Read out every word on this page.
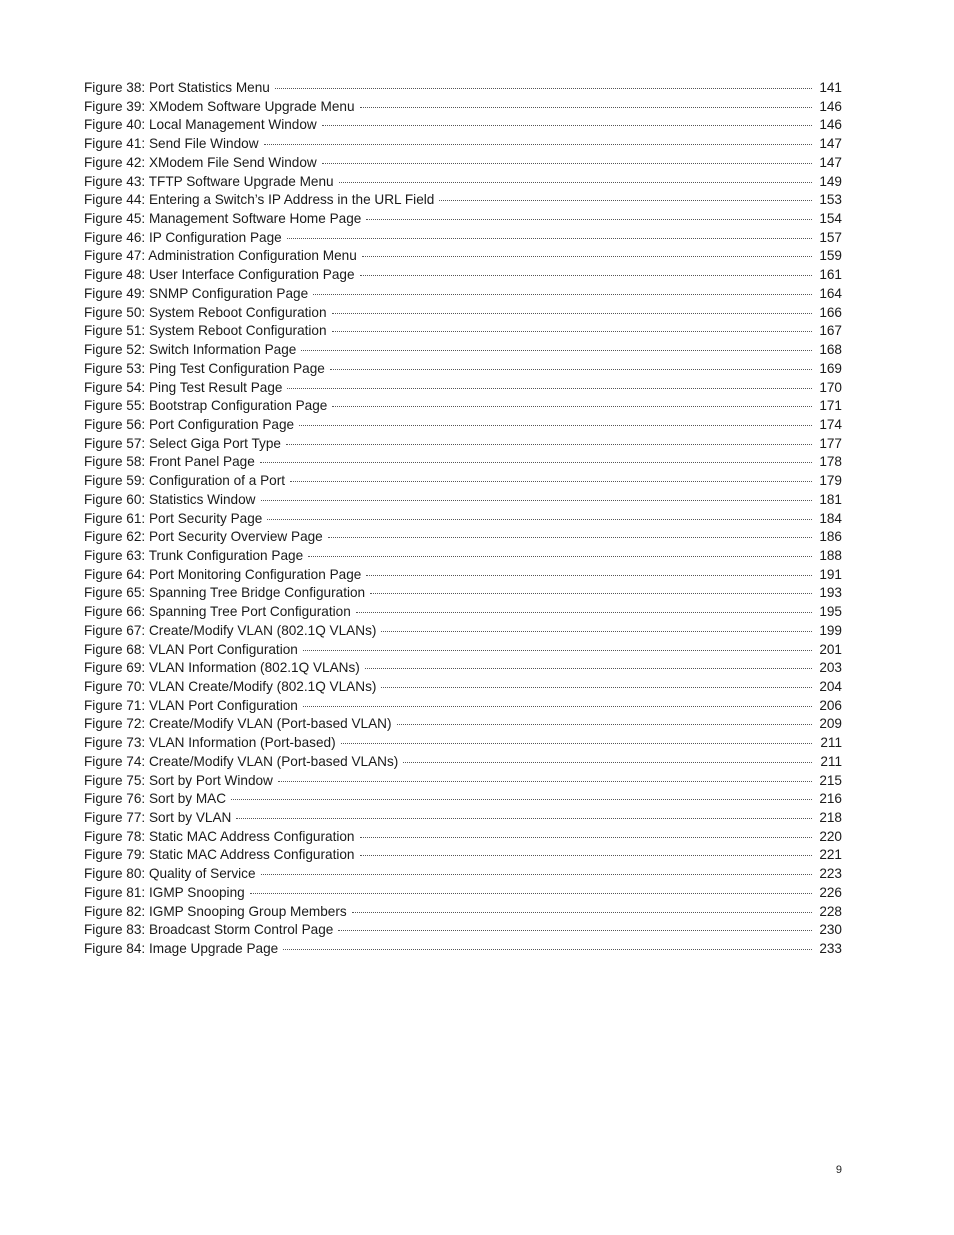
Figure 38: Port Statistics Menu	141
Figure 39: XModem Software Upgrade Menu	146
Figure 40: Local Management Window	146
Figure 41: Send File Window	147
Figure 42: XModem File Send Window	147
Figure 43: TFTP Software Upgrade Menu	149
Figure 44: Entering a Switch’s IP Address in the URL Field	153
Figure 45: Management Software Home Page	154
Figure 46: IP Configuration Page	157
Figure 47: Administration Configuration Menu	159
Figure 48: User Interface Configuration Page	161
Figure 49: SNMP Configuration Page	164
Figure 50: System Reboot Configuration	166
Figure 51: System Reboot Configuration	167
Figure 52: Switch Information Page	168
Figure 53: Ping Test Configuration Page	169
Figure 54: Ping Test Result Page	170
Figure 55: Bootstrap Configuration Page	171
Figure 56: Port Configuration Page	174
Figure 57: Select Giga Port Type	177
Figure 58: Front Panel Page	178
Figure 59: Configuration of a Port	179
Figure 60: Statistics Window	181
Figure 61: Port Security Page	184
Figure 62: Port Security Overview Page	186
Figure 63: Trunk Configuration Page	188
Figure 64: Port Monitoring Configuration Page	191
Figure 65: Spanning Tree Bridge Configuration	193
Figure 66: Spanning Tree Port Configuration	195
Figure 67: Create/Modify VLAN (802.1Q VLANs)	199
Figure 68: VLAN Port Configuration	201
Figure 69: VLAN Information (802.1Q VLANs)	203
Figure 70: VLAN Create/Modify (802.1Q VLANs)	204
Figure 71: VLAN Port Configuration	206
Figure 72: Create/Modify VLAN (Port-based VLAN)	209
Figure 73: VLAN Information (Port-based)	211
Figure 74: Create/Modify VLAN (Port-based VLANs)	211
Figure 75: Sort by Port Window	215
Figure 76: Sort by MAC	216
Figure 77: Sort by VLAN	218
Figure 78: Static MAC Address Configuration	220
Figure 79: Static MAC Address Configuration	221
Figure 80: Quality of Service	223
Figure 81: IGMP Snooping	226
Figure 82: IGMP Snooping Group Members	228
Figure 83: Broadcast Storm Control Page	230
Figure 84: Image Upgrade Page	233
9
